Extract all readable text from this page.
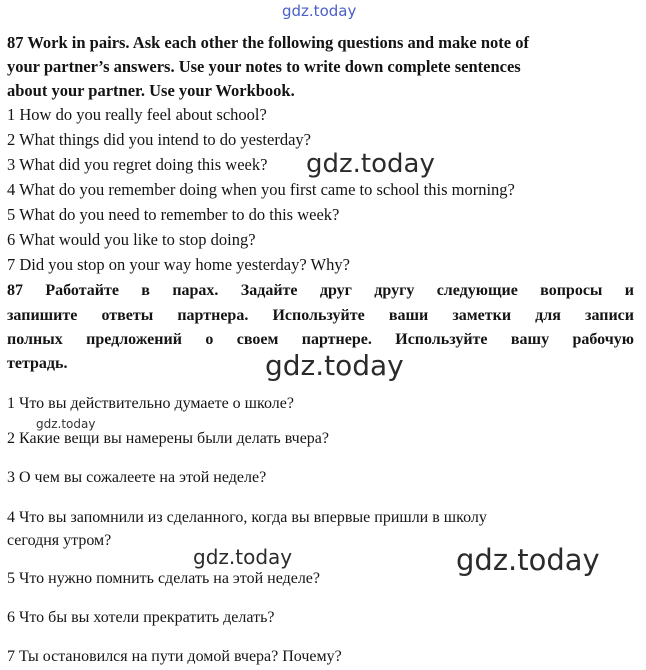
87 Work in pairs. Ask each other the following questions and make note of

your partner’s answers. Use your notes to write down complete sentences

about your partner. Use your Workbook.

1 How do you really feel about school?

2 What things did you intend to do yesterday?

3 What did you regret doing this week?

4 What do you remember doing when you first came to school this morning?

5 What do you need to remember to do this week?

6 What would you like to stop doing?

7 Did you stop on your way home yesterday? Why?

87 Работайте в парах. Задайте друг другу следующие вопросы и

запишите ответы партнера. Используйте ваши заметки для записи

полных предложений о своем партнере. Используйте вашу рабочую

тетрадь.

1 Что вы действительно думаете о школе?

2 Какие вещи вы намерены были делать вчера?

3 О чем вы сожалеете на этой неделе?

4 Что вы запомнили из сделанного, когда вы впервые пришли в школу

сегодня утром?

5 Что нужно помнить сделать на этой неделе?

6 Что бы вы хотели прекратить делать?

7 Ты остановился на пути домой вчера? Почему?

gdz.today
gdz.today
gdz.today
gdz.today
gdz.today	gdz.today
